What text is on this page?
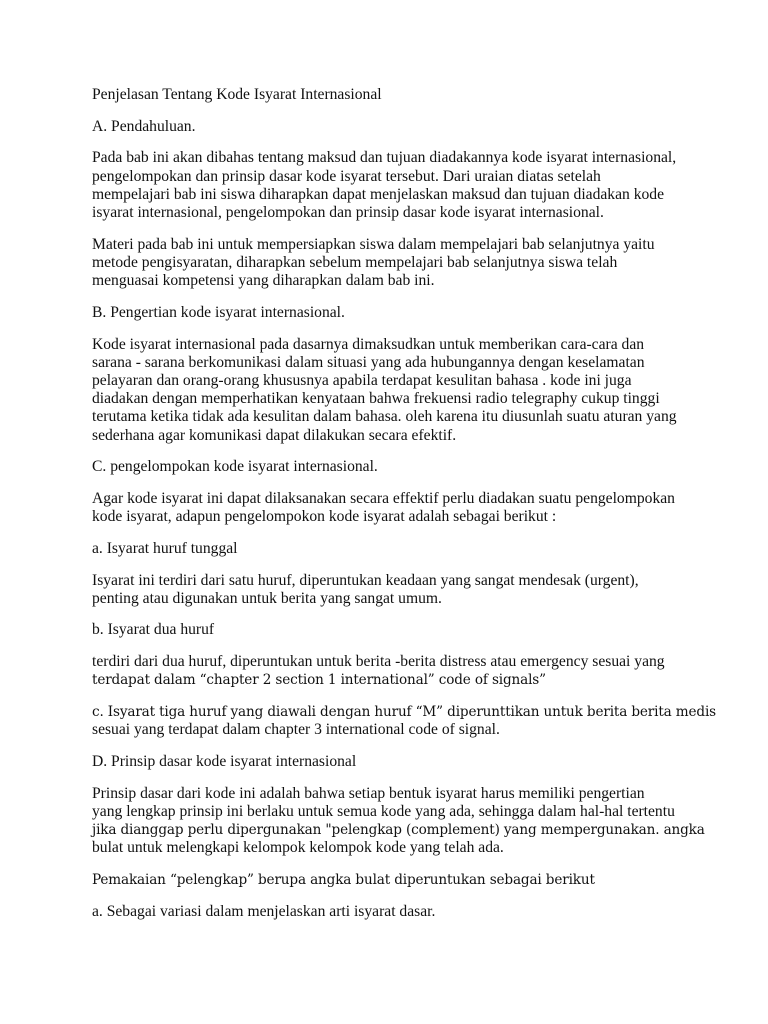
Penjelasan Tentang Kode Isyarat Internasional

A. Pendahuluan.

Pada bab ini akan dibahas tentang maksud dan tujuan diadakannya kode isyarat internasional,
pengelompokan dan prinsip dasar kode isyarat tersebut. Dari uraian diatas setelah
mempelajari bab ini siswa diharapkan dapat menjelaskan maksud dan tujuan diadakan kode
isyarat internasional, pengelompokan dan prinsip dasar kode isyarat internasional.

Materi pada bab ini untuk mempersiapkan siswa dalam mempelajari bab selanjutnya yaitu
metode pengisyaratan, diharapkan sebelum mempelajari bab selanjutnya siswa telah
menguasai kompetensi yang diharapkan dalam bab ini.

B. Pengertian kode isyarat internasional.

Kode isyarat internasional pada dasarnya dimaksudkan untuk memberikan cara-cara dan
sarana - sarana berkomunikasi dalam situasi yang ada hubungannya dengan keselamatan
pelayaran dan orang-orang khususnya apabila terdapat kesulitan bahasa . kode ini juga
diadakan dengan memperhatikan kenyataan bahwa frekuensi radio telegraphy cukup tinggi
terutama ketika tidak ada kesulitan dalam bahasa. oleh karena itu diusunlah suatu aturan yang
sederhana agar komunikasi dapat dilakukan secara efektif.

C. pengelompokan kode isyarat internasional.

Agar kode isyarat ini dapat dilaksanakan secara effektif perlu diadakan suatu pengelompokan
kode isyarat, adapun pengelompokon kode isyarat adalah sebagai berikut :

a. Isyarat huruf tunggal

Isyarat ini terdiri dari satu huruf, diperuntukan keadaan yang sangat mendesak (urgent),
penting atau digunakan untuk berita yang sangat umum.

b. Isyarat dua huruf

terdiri dari dua huruf, diperuntukan untuk berita -berita distress atau emergency sesuai yang
terdapat dalam “chapter 2 section 1 international” code of signals”

c. Isyarat tiga huruf yang diawali dengan huruf “M” diperunttikan untuk berita berita medis
sesuai yang terdapat dalam chapter 3 international code of signal.

D. Prinsip dasar kode isyarat internasional

Prinsip dasar dari kode ini adalah bahwa setiap bentuk isyarat harus memiliki pengertian
yang lengkap prinsip ini berlaku untuk semua kode yang ada, sehingga dalam hal-hal tertentu
jika dianggap perlu dipergunakan "pelengkap (complement) yang mempergunakan. angka
bulat untuk melengkapi kelompok kelompok kode yang telah ada.

Pemakaian “pelengkap” berupa angka bulat diperuntukan sebagai berikut

a. Sebagai variasi dalam menjelaskan arti isyarat dasar.
